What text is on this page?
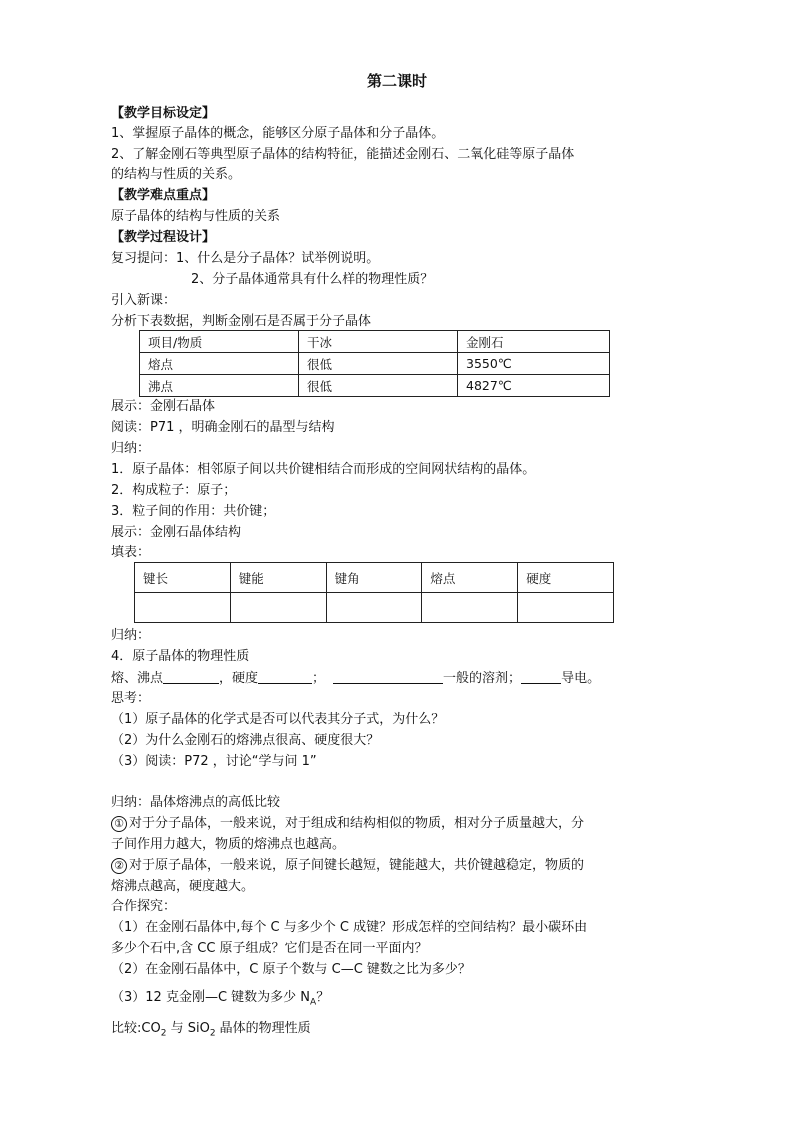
第二课时
【教学目标设定】
1、掌握原子晶体的概念，能够区分原子晶体和分子晶体。
2、了解金刚石等典型原子晶体的结构特征，能描述金刚石、二氧化硅等原子晶体
的结构与性质的关系。
【教学难点重点】
原子晶体的结构与性质的关系
【教学过程设计】
复习提问：1、什么是分子晶体？试举例说明。
2、分子晶体通常具有什么样的物理性质？
引入新课：
分析下表数据，判断金刚石是否属于分子晶体
项目/物质	干冰	金刚石
熔点	很低	3550℃
沸点	很低	4827℃
展示：金刚石晶体
阅读：P71 ，明确金刚石的晶型与结构
归纳：
1．原子晶体：相邻原子间以共价键相结合而形成的空间网状结构的晶体。
2．构成粒子：原子；
3．粒子间的作用：共价键；
展示：金刚石晶体结构
填表：
键长	键能	键角	熔点	硬度

归纳：
4．原子晶体的物理性质
熔、沸点	，硬度	；	一般的溶剂；	导电。
思考：
（1）原子晶体的化学式是否可以代表其分子式，为什么？
（2）为什么金刚石的熔沸点很高、硬度很大？
（3）阅读：P72 ，讨论“学与问 1”
归纳：晶体熔沸点的高低比较
① 对于分子晶体，一般来说，对于组成和结构相似的物质，相对分子质量越大，分
子间作用力越大，物质的熔沸点也越高。
② 对于原子晶体，一般来说，原子间键长越短，键能越大，共价键越稳定，物质的
熔沸点越高，硬度越大。
合作探究：
（1）在金刚石晶体中,每个 C 与多少个 C 成键？形成怎样的空间结构？最小碳环由
多少个石中,含 CC 原子组成？它们是否在同一平面内？
（2）在金刚石晶体中，C 原子个数与 C—C 键数之比为多少？
（3）12 克金刚—C 键数为多少 $N_A$？
比较$:CO_2$ 与 SiO$_2$ 晶体的物理性质
